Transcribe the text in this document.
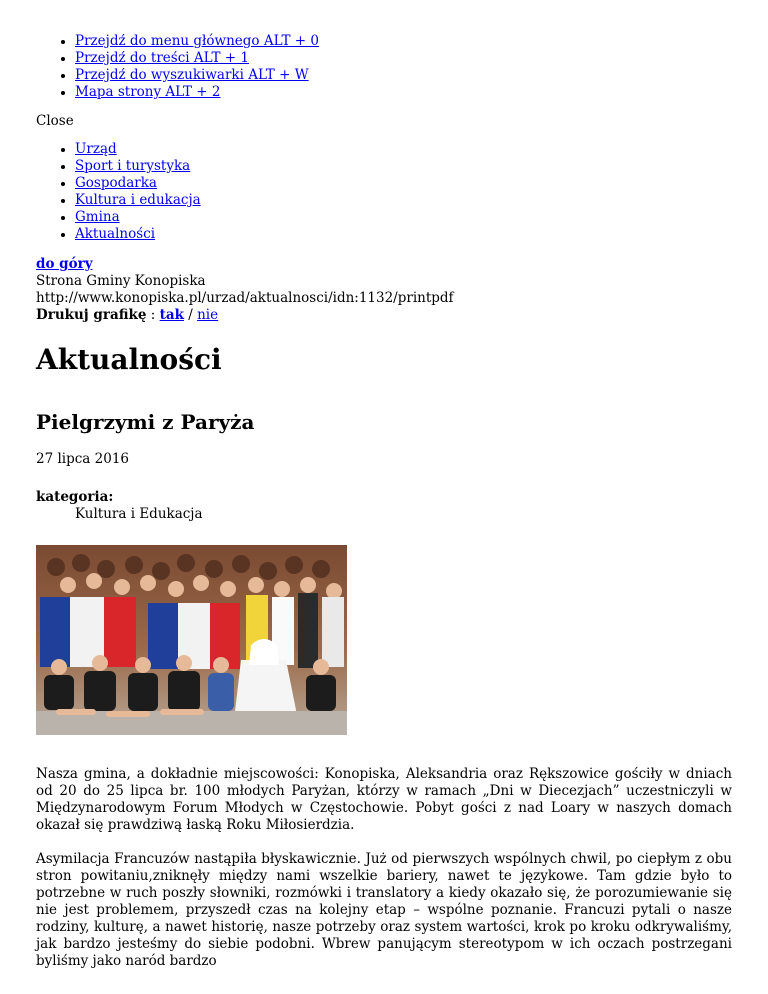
• Przejdź do menu głównego ALT + 0
• Przejdź do treści ALT + 1
• Przejdź do wyszukiwarki ALT + W
• Mapa strony ALT + 2
Close
• Urząd
• Sport i turystyka
• Gospodarka
• Kultura i edukacja
• Gmina
• Aktualności
do góry
Strona Gminy Konopiska
http://www.konopiska.pl/urzad/aktualnosci/idn:1132/printpdf
Drukuj grafikę : tak / nie
Aktualności
Pielgrzymi z Paryża
27 lipca 2016
kategoria:
Kultura i Edukacja

Nasza gmina, a dokładnie miejscowości: Konopiska, Aleksandria oraz Rększowice gościły w dniach od 20 do 25 lipca br. 100 młodych Paryżan, którzy w ramach „Dni w Diecezjach” uczestniczyli w Międzynarodowym Forum Młodych w Częstochowie. Pobyt gości z nad Loary w naszych domach okazał się prawdziwą łaską Roku Miłosierdzia.

Asymilacja Francuzów nastąpiła błyskawicznie. Już od pierwszych wspólnych chwil, po ciepłym z obu stron powitaniu,zniknęły między nami wszelkie bariery, nawet te językowe. Tam gdzie było to potrzebne w ruch poszły słowniki, rozmówki i translatory a kiedy okazało się, że porozumiewanie się nie jest problemem, przyszedł czas na kolejny etap – wspólne poznanie. Francuzi pytali o nasze rodziny, kulturę, a nawet historię, nasze potrzeby oraz system wartości, krok po kroku odkrywaliśmy, jak bardzo jesteśmy do siebie podobni. Wbrew panującym stereotypom w ich oczach postrzegani byliśmy jako naród bardzo
